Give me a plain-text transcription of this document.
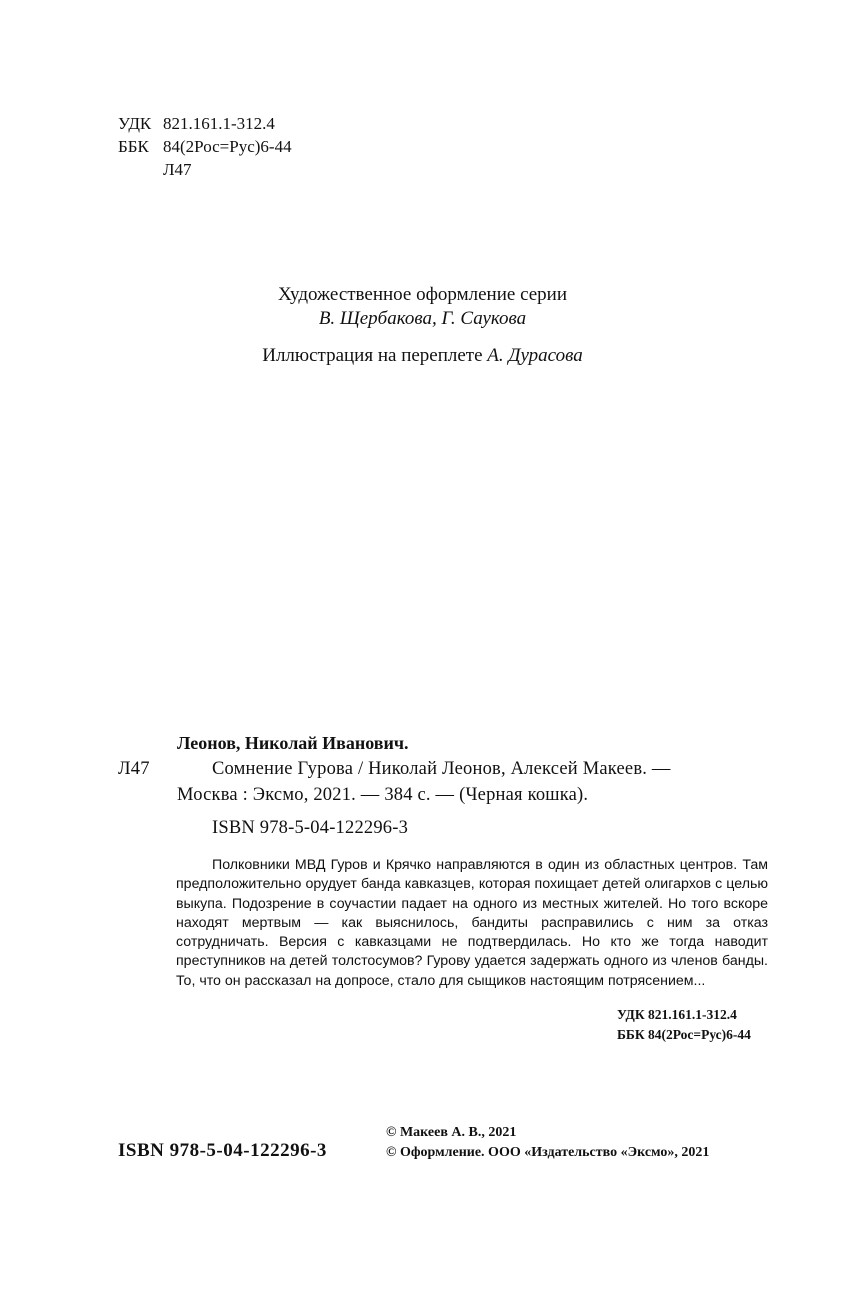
УДК 821.161.1-312.4
ББК 84(2Рос=Рус)6-44
Л47
Художественное оформление серии
В. Щербакова, Г. Саукова
Иллюстрация на переплете А. Дурасова
Леонов, Николай Иванович.
Л47	Сомнение Гурова / Николай Леонов, Алексей Макеев. —
Москва : Эксмо, 2021. — 384 с. — (Черная кошка).
ISBN 978-5-04-122296-3

Полковники МВД Гуров и Крячко направляются в один из областных центров. Там предположительно орудует банда кавказцев, которая похищает детей олигархов с целью выкупа. Подозрение в соучастии падает на одного из местных жителей. Но того вскоре находят мертвым — как выяснилось, бандиты расправились с ним за отказ сотрудничать. Версия с кавказцами не подтвердилась. Но кто же тогда наводит преступников на детей толстосумов? Гурову удается задержать одного из членов банды. То, что он рассказал на допросе, стало для сыщиков настоящим потрясением...

УДК 821.161.1-312.4
ББК 84(2Рос=Рус)6-44
ISBN 978-5-04-122296-3
© Макеев А. В., 2021
© Оформление. ООО «Издательство «Эксмо», 2021
